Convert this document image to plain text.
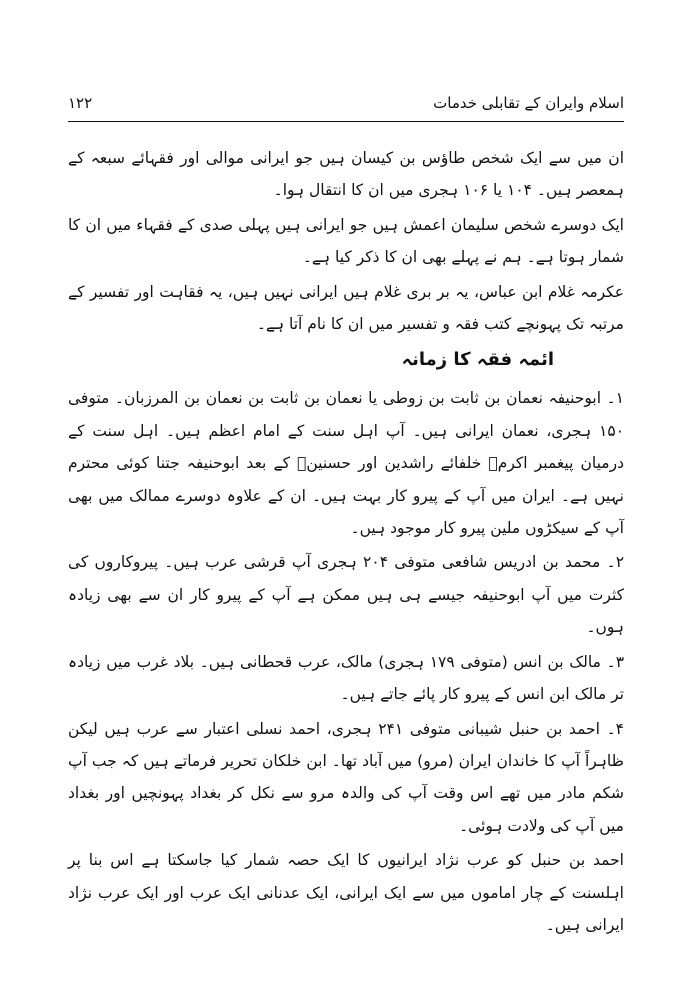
اسلام وایران کے تقابلی خدمات
۱۲۲

ان میں سے ایک شخص طاؤس بن کیسان ہیں جو ایرانی موالی اور فقہائے سبعہ کے ہمعصر ہیں۔ ۱۰۴ یا ۱۰۶ ہجری میں ان کا انتقال ہوا۔

ایک دوسرے شخص سلیمان اعمش ہیں جو ایرانی ہیں پہلی صدی کے فقہاء میں ان کا شمار ہوتا ہے۔ ہم نے پہلے بھی ان کا ذکر کیا ہے۔

عکرمہ غلام ابن عباس، یہ بر بری غلام ہیں ایرانی نہیں ہیں، یہ فقاہت اور تفسیر کے مرتبہ تک پہونچے کتب فقہ و تفسیر میں ان کا نام آتا ہے۔

ائمہ فقہ کا زمانہ

۱۔ ابوحنیفہ نعمان بن ثابت بن زوطی یا نعمان بن ثابت بن نعمان بن المرزبان۔ متوفی ۱۵۰ ہجری، نعمان ایرانی ہیں۔ آپ اہل سنت کے امام اعظم ہیں۔ اہل سنت کے درمیان پیغمبر اکرمؐ خلفائے راشدین اور حسنینؑ کے بعد ابوحنیفہ جتنا کوئی محترم نہیں ہے۔ ایران میں آپ کے پیرو کار بہت ہیں۔ ان کے علاوہ دوسرے ممالک میں بھی آپ کے سیکڑوں ملین پیرو کار موجود ہیں۔

۲۔ محمد بن ادریس شافعی متوفی ۲۰۴ ہجری آپ قرشی عرب ہیں۔ پیروکاروں کی کثرت میں آپ ابوحنیفہ جیسے ہی ہیں ممکن ہے آپ کے پیرو کار ان سے بھی زیادہ ہوں۔

۳۔ مالک بن انس (متوفی ۱۷۹ ہجری) مالک، عرب قحطانی ہیں۔ بلاد غرب میں زیادہ تر مالک ابن انس کے پیرو کار پائے جاتے ہیں۔

۴۔ احمد بن حنبل شیبانی متوفی ۲۴۱ ہجری، احمد نسلی اعتبار سے عرب ہیں لیکن ظاہراً آپ کا خاندان ایران (مرو) میں آباد تھا۔ ابن خلکان تحریر فرماتے ہیں کہ جب آپ شکم مادر میں تھے اس وقت آپ کی والدہ مرو سے نکل کر بغداد پہونچیں اور بغداد میں آپ کی ولادت ہوئی۔

احمد بن حنبل کو عرب نژاد ایرانیوں کا ایک حصہ شمار کیا جاسکتا ہے اس بنا پر اہلسنت کے چار اماموں میں سے ایک ایرانی، ایک عدنانی ایک عرب اور ایک عرب نژاد ایرانی ہیں۔
